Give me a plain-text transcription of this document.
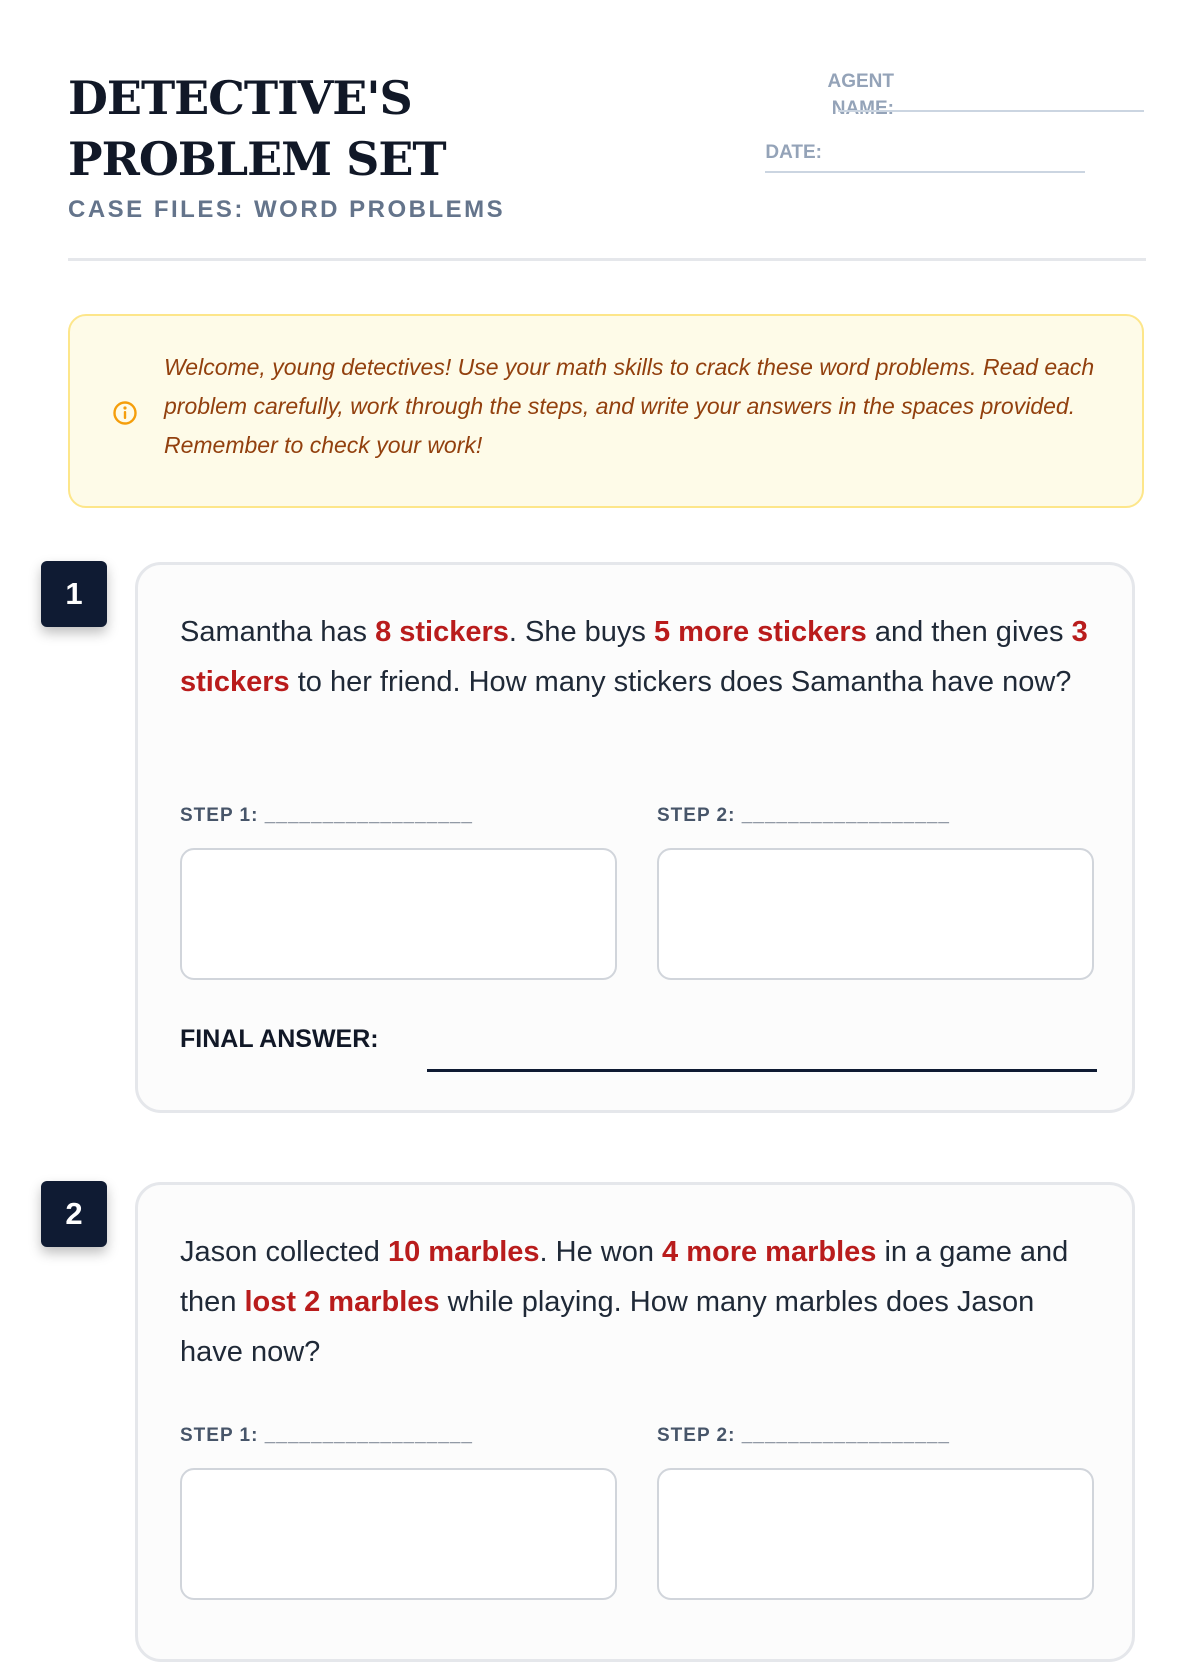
DETECTIVE'S PROBLEM SET
CASE FILES: WORD PROBLEMS
AGENT
NAME:
DATE:
Welcome, young detectives! Use your math skills to crack these word problems. Read each problem carefully, work through the steps, and write your answers in the spaces provided. Remember to check your work!
1

Samantha has 8 stickers. She buys 5 more stickers and then gives 3 stickers to her friend. How many stickers does Samantha have now?

STEP 1: __________________	STEP 2: __________________
FINAL ANSWER:
2

Jason collected 10 marbles. He won 4 more marbles in a game and then lost 2 marbles while playing. How many marbles does Jason have now?

STEP 1: __________________	STEP 2: __________________
